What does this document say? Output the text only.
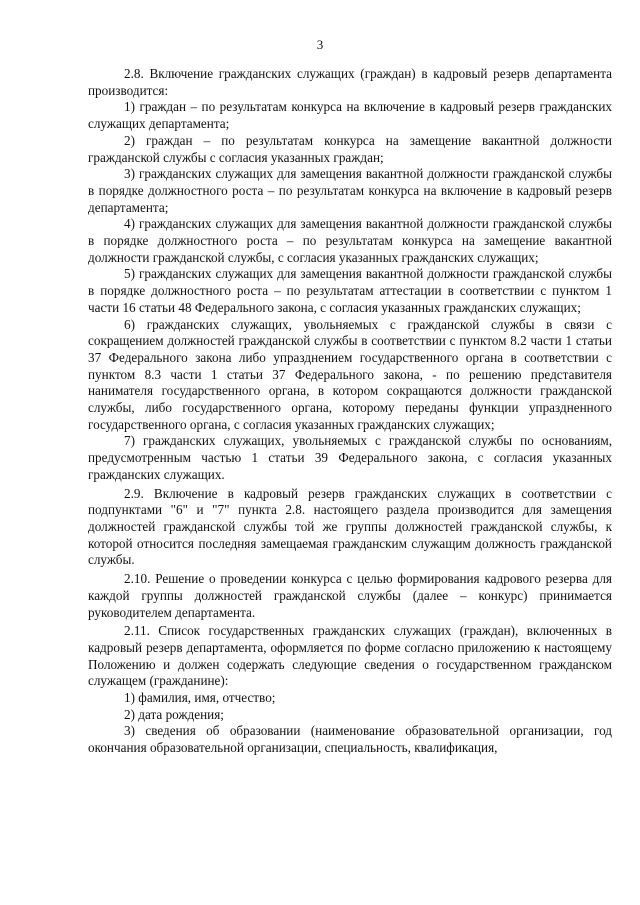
3

2.8. Включение гражданских служащих (граждан) в кадровый резерв департамента производится:

1) граждан – по результатам конкурса на включение в кадровый резерв гражданских служащих департамента;

2) граждан – по результатам конкурса на замещение вакантной должности гражданской службы с согласия указанных граждан;

3) гражданских служащих для замещения вакантной должности гражданской службы в порядке должностного роста – по результатам конкурса на включение в кадровый резерв департамента;

4) гражданских служащих для замещения вакантной должности гражданской службы в порядке должностного роста – по результатам конкурса на замещение вакантной должности гражданской службы, с согласия указанных гражданских служащих;

5) гражданских служащих для замещения вакантной должности гражданской службы в порядке должностного роста – по результатам аттестации в соответствии с пунктом 1 части 16 статьи 48 Федерального закона, с согласия указанных гражданских служащих;

6) гражданских служащих, увольняемых с гражданской службы в связи с сокращением должностей гражданской службы в соответствии с пунктом 8.2 части 1 статьи 37 Федерального закона либо упразднением государственного органа в соответствии с пунктом 8.3 части 1 статьи 37 Федерального закона, - по решению представителя нанимателя государственного органа, в котором сокращаются должности гражданской службы, либо государственного органа, которому переданы функции упраздненного государственного органа, с согласия указанных гражданских служащих;

7) гражданских служащих, увольняемых с гражданской службы по основаниям, предусмотренным частью 1 статьи 39 Федерального закона, с согласия указанных гражданских служащих.

2.9. Включение в кадровый резерв гражданских служащих в соответствии с подпунктами "6" и "7" пункта 2.8. настоящего раздела производится для замещения должностей гражданской службы той же группы должностей гражданской службы, к которой относится последняя замещаемая гражданским служащим должность гражданской службы.

2.10. Решение о проведении конкурса с целью формирования кадрового резерва для каждой группы должностей гражданской службы (далее – конкурс) принимается руководителем департамента.

2.11. Список государственных гражданских служащих (граждан), включенных в кадровый резерв департамента, оформляется по форме согласно приложению к настоящему Положению и должен содержать следующие сведения о государственном гражданском служащем (гражданине):

1) фамилия, имя, отчество;

2) дата рождения;

3) сведения об образовании (наименование образовательной организации, год окончания образовательной организации, специальность, квалификация,
